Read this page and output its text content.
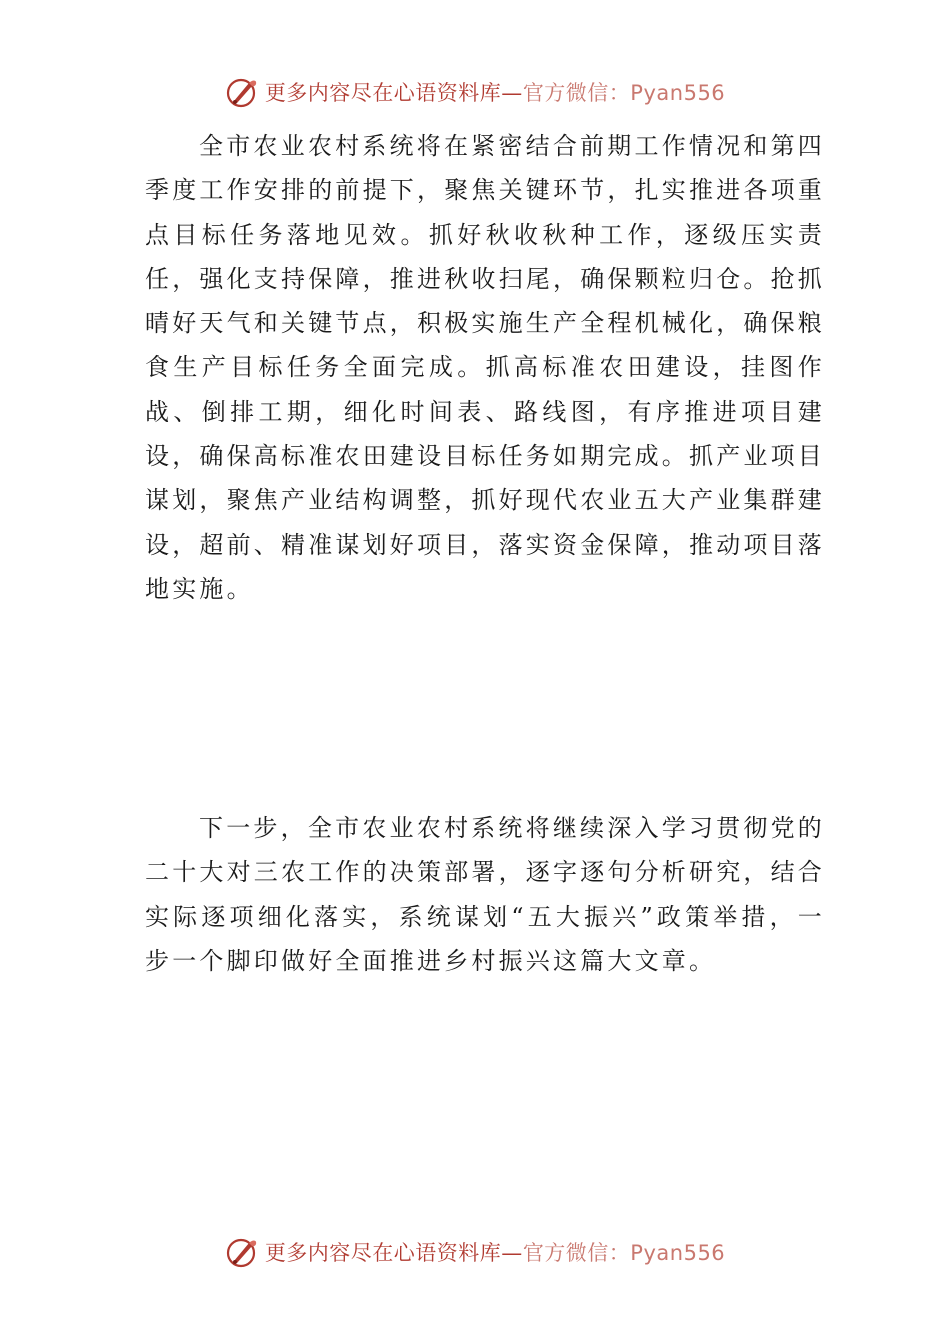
更多内容尽在心语资料库—官方微信：Pyan556

全市农业农村系统将在紧密结合前期工作情况和第四季度工作安排的前提下，聚焦关键环节，扎实推进各项重点目标任务落地见效。抓好秋收秋种工作，逐级压实责任，强化支持保障，推进秋收扫尾，确保颗粒归仓。抢抓晴好天气和关键节点，积极实施生产全程机械化，确保粮食生产目标任务全面完成。抓高标准农田建设，挂图作战、倒排工期，细化时间表、路线图，有序推进项目建设，确保高标准农田建设目标任务如期完成。抓产业项目谋划，聚焦产业结构调整，抓好现代农业五大产业集群建设，超前、精准谋划好项目，落实资金保障，推动项目落地实施。

下一步，全市农业农村系统将继续深入学习贯彻党的二十大对三农工作的决策部署，逐字逐句分析研究，结合实际逐项细化落实，系统谋划“五大振兴”政策举措，一步一个脚印做好全面推进乡村振兴这篇大文章。

更多内容尽在心语资料库—官方微信：Pyan556
